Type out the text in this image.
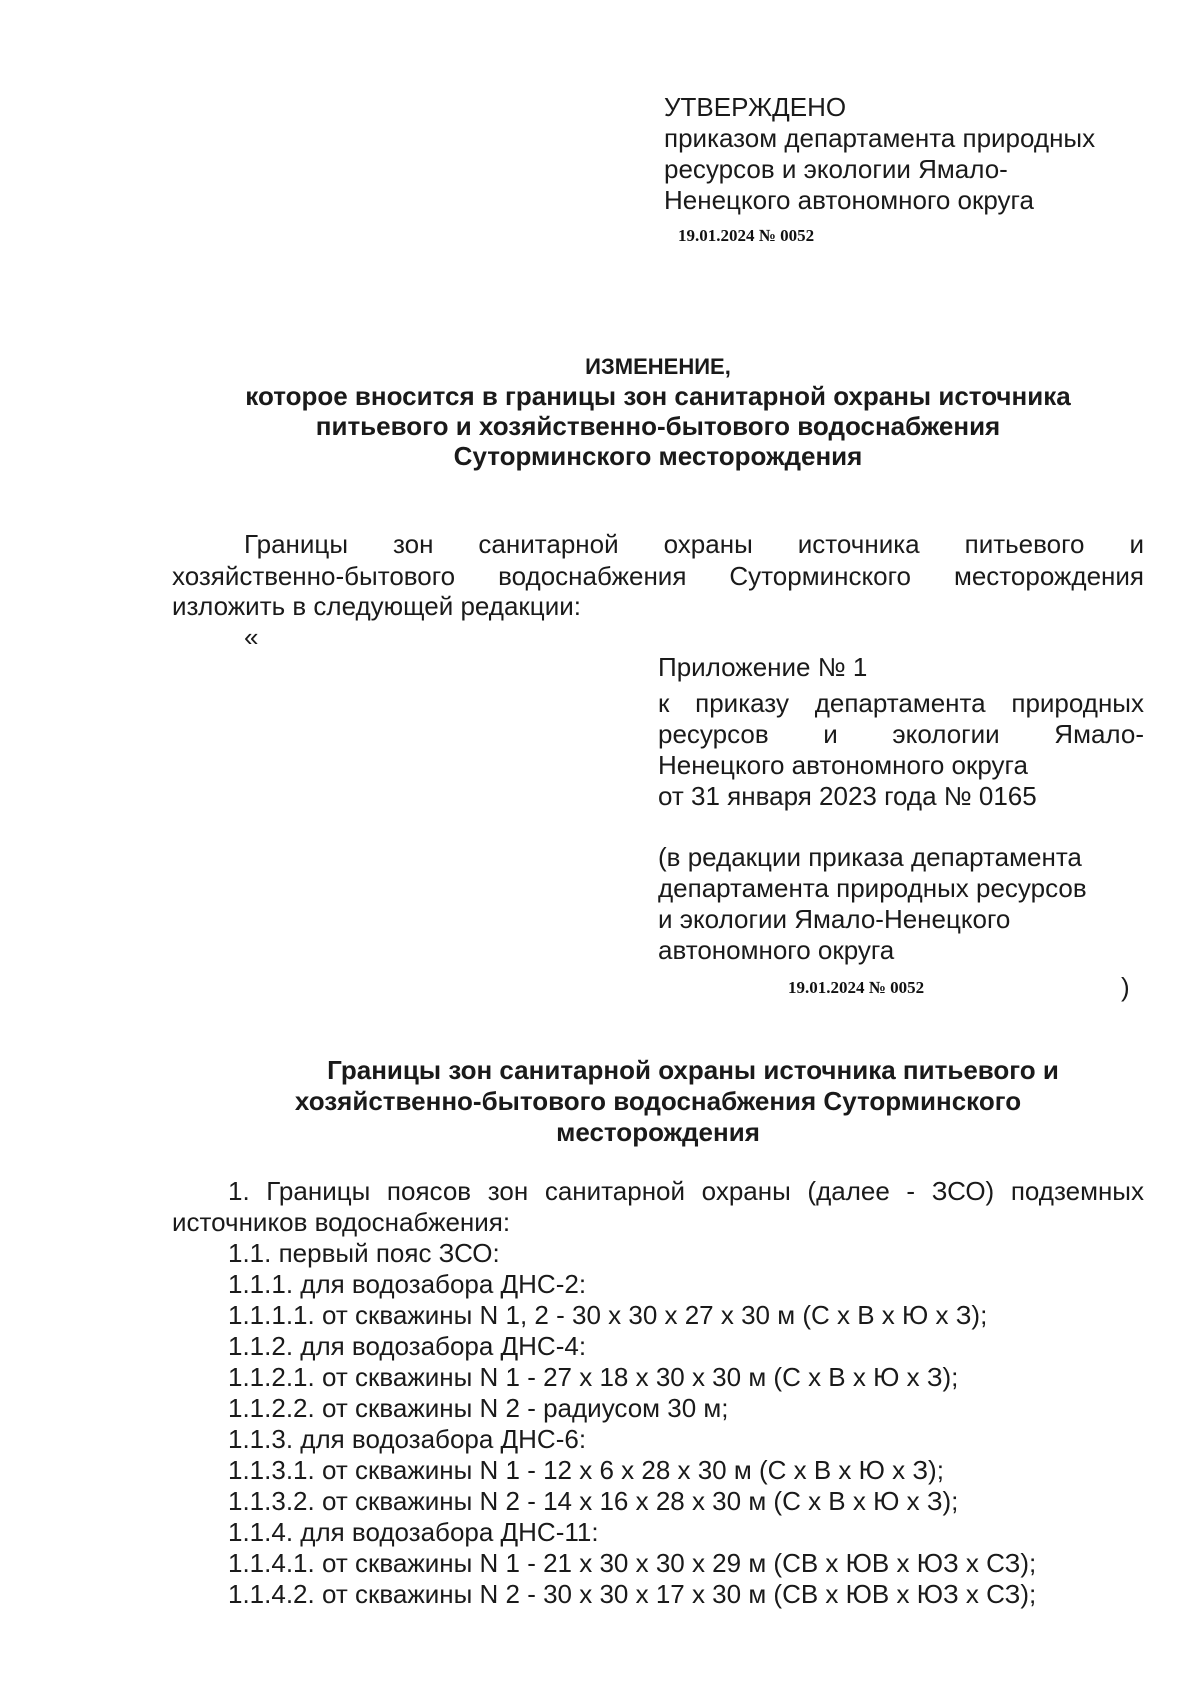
УТВЕРЖДЕНО
приказом департамента природных
ресурсов и экологии Ямало-
Ненецкого автономного округа
19.01.2024 № 0052
ИЗМЕНЕНИЕ,
которое вносится в границы зон санитарной охраны источника
питьевого и хозяйственно-бытового водоснабжения
Суторминского месторождения
Границы зон санитарной охраны источника питьевого и
хозяйственно-бытового водоснабжения Суторминского месторождения
изложить в следующей редакции:
«
Приложение № 1
к приказу департамента природных
ресурсов и экологии Ямало-
Ненецкого автономного округа
от 31 января 2023 года № 0165
(в редакции приказа департамента
департамента природных ресурсов
и экологии Ямало-Ненецкого
автономного округа
19.01.2024 № 0052	)
Границы зон санитарной охраны источника питьевого и
хозяйственно-бытового водоснабжения Суторминского
месторождения
1. Границы поясов зон санитарной охраны (далее - ЗСО) подземных
источников водоснабжения:
1.1. первый пояс ЗСО:
1.1.1. для водозабора ДНС-2:
1.1.1.1. от скважины N 1, 2 - 30 x 30 x 27 x 30 м (С x В x Ю x З);
1.1.2. для водозабора ДНС-4:
1.1.2.1. от скважины N 1 - 27 x 18 x 30 x 30 м (С x В x Ю x З);
1.1.2.2. от скважины N 2 - радиусом 30 м;
1.1.3. для водозабора ДНС-6:
1.1.3.1. от скважины N 1 - 12 x 6 x 28 x 30 м (С x В x Ю x З);
1.1.3.2. от скважины N 2 - 14 x 16 x 28 x 30 м (С x В x Ю x З);
1.1.4. для водозабора ДНС-11:
1.1.4.1. от скважины N 1 - 21 x 30 x 30 x 29 м (СВ x ЮВ x ЮЗ x СЗ);
1.1.4.2. от скважины N 2 - 30 x 30 x 17 x 30 м (СВ x ЮВ x ЮЗ x СЗ);
